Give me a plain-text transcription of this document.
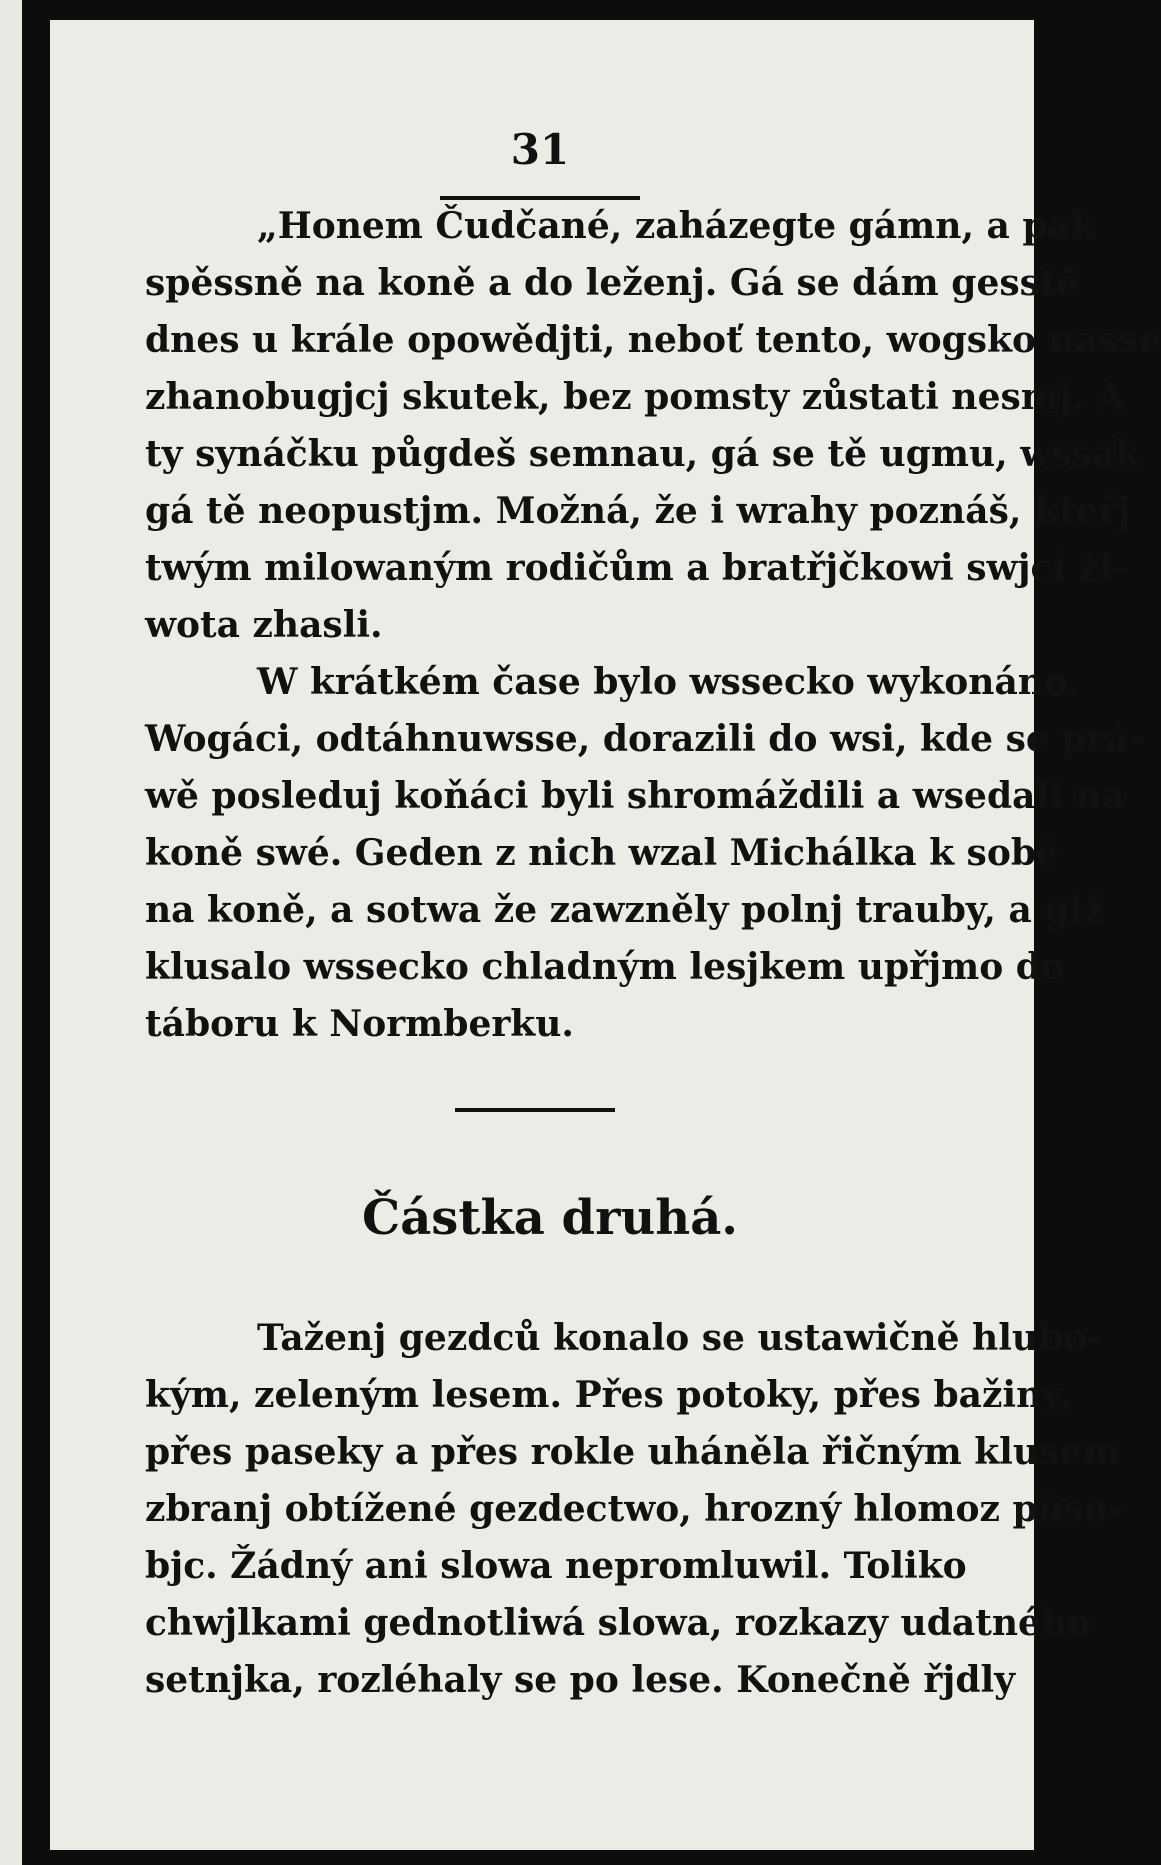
31

„Honem Čudčané, zaházegte gámn, a pak

spěssně na koně a do leženj. Gá se dám gesstě

dnes u krále opowědjti, neboť tento, wogsko nasse

zhanobugjcj skutek, bez pomsty zůstati nesmj. A

ty synáčku půgdeš semnau, gá se tě ugmu, wssak

gá tě neopustjm. Možná, že i wrahy poznáš, kteřj

twým milowaným rodičům a bratřjčkowi swjcí ži-

wota zhasli.

W krátkém čase bylo wssecko wykonáno.

Wogáci, odtáhnuwsse, dorazili do wsi, kde se prá-

wě posleduj koňáci byli shromáždili a wsedali na

koně swé. Geden z nich wzal Michálka k sobě

na koně, a sotwa že zawzněly polnj trauby, a giž

klusalo wssecko chladným lesjkem upřjmo do

táboru k Normberku.

Částka druhá.

Taženj gezdců konalo se ustawičně hlubo-

kým, zeleným lesem. Přes potoky, přes bažiny,

přes paseky a přes rokle uháněla řičným klusem

zbranj obtížené gezdectwo, hrozný hlomoz půso-

bjc. Žádný ani slowa nepromluwil. Toliko

chwjlkami gednotliwá slowa, rozkazy udatného

setnjka, rozléhaly se po lese. Konečně řjdly
